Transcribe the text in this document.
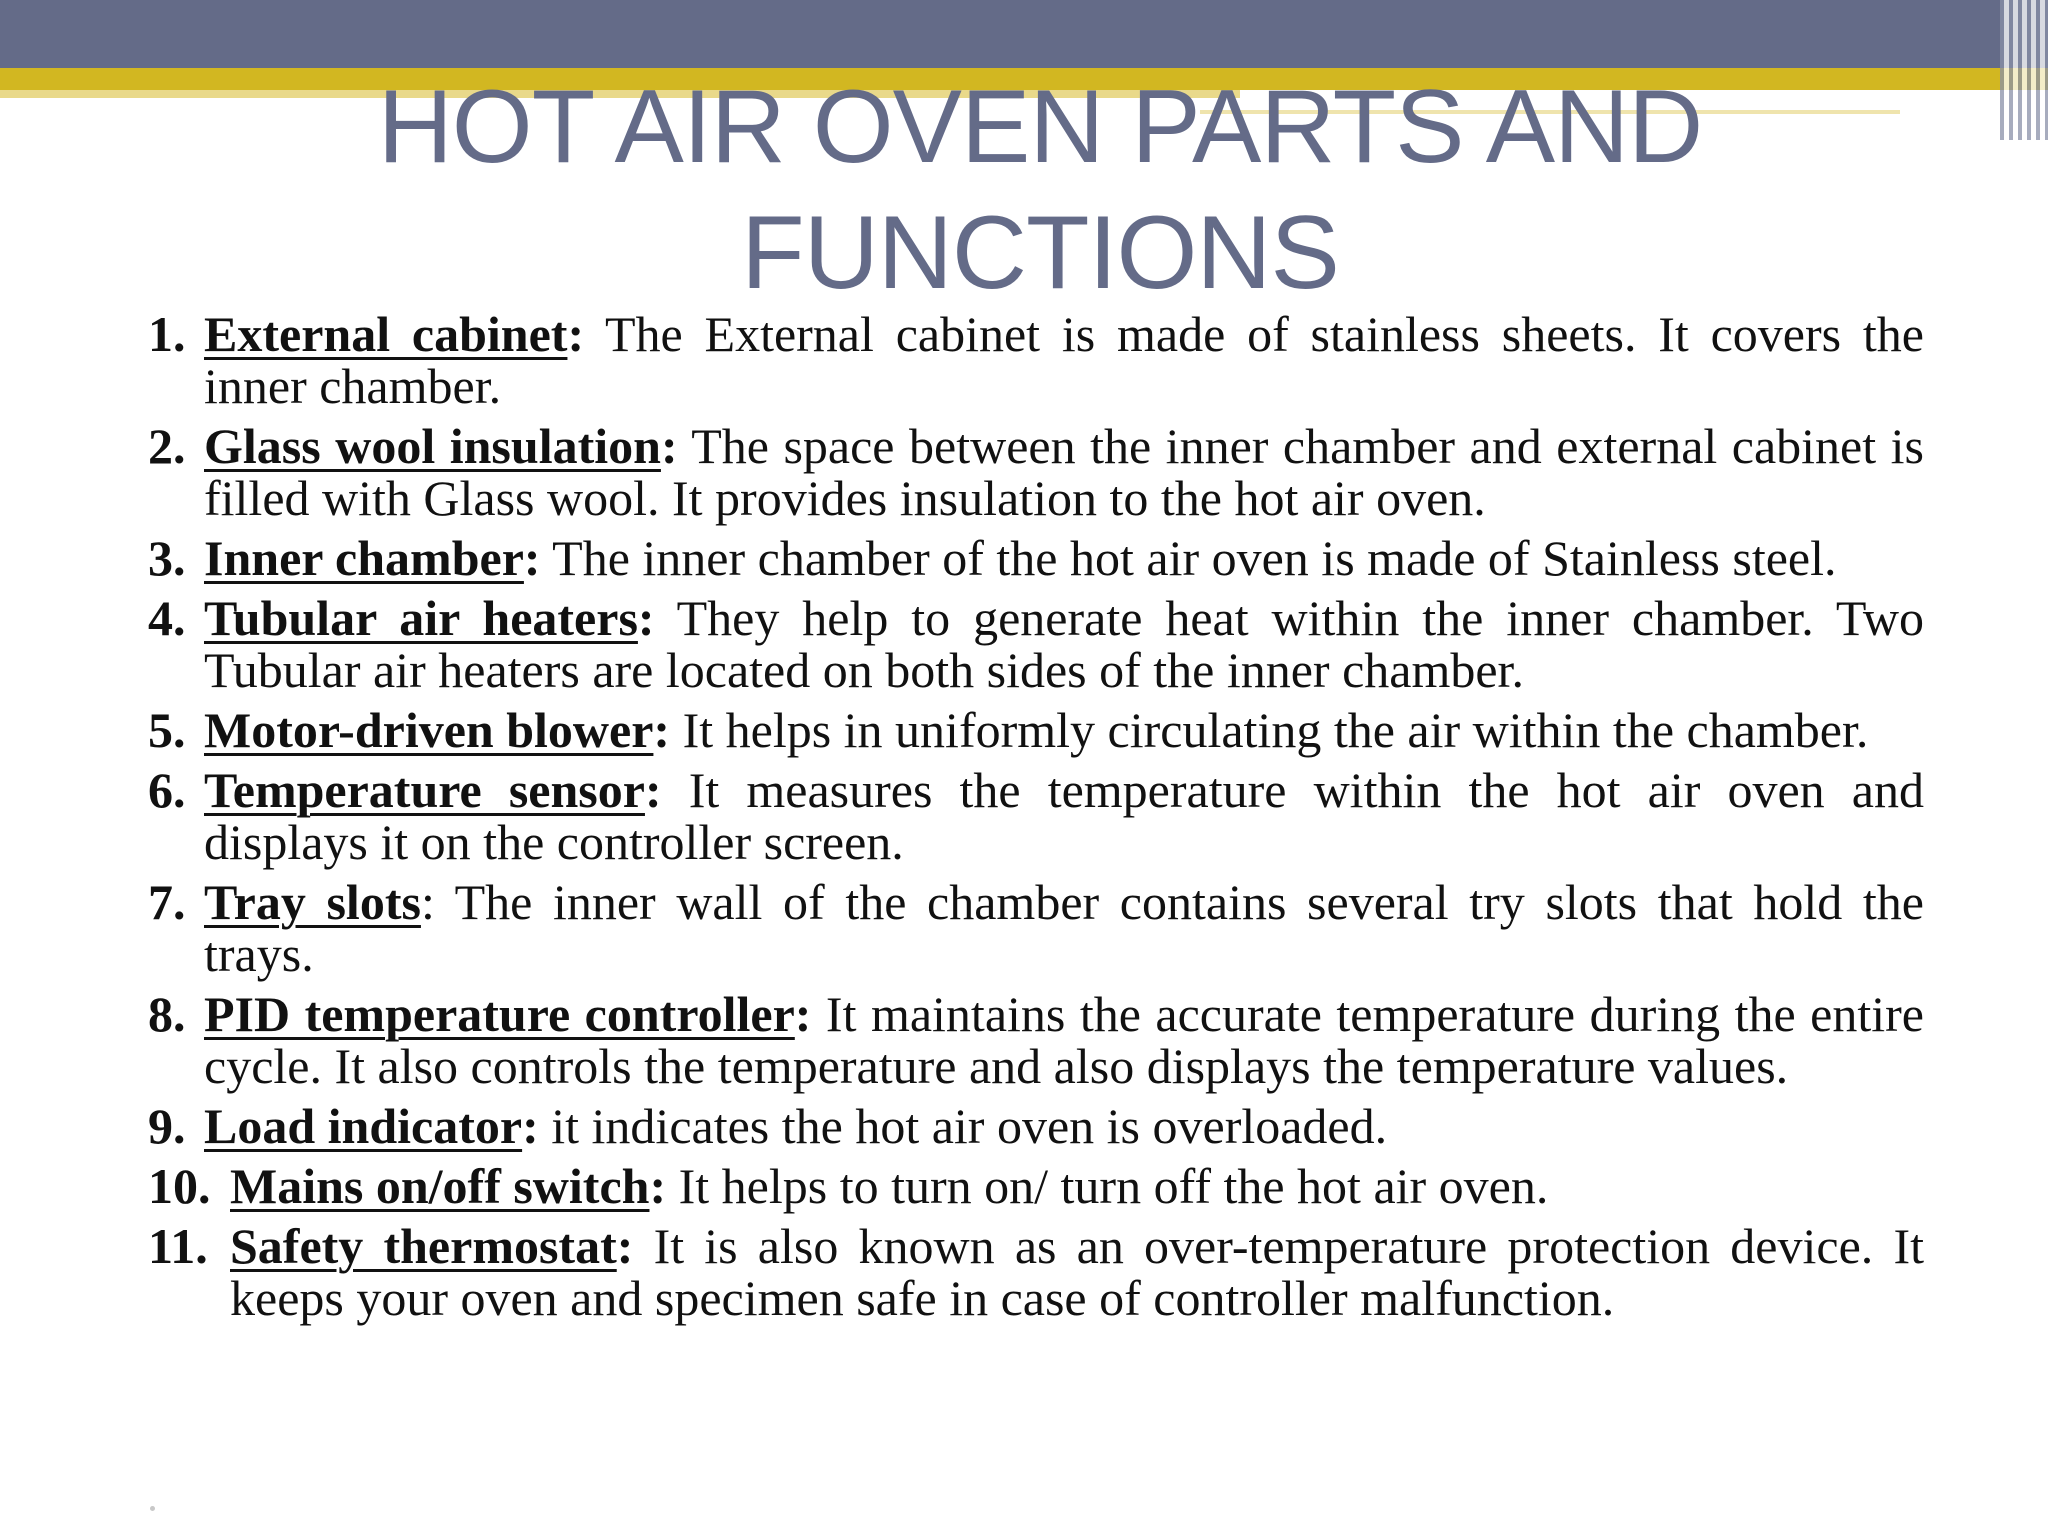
HOT AIR OVEN PARTS AND
FUNCTIONS
1. External cabinet: The External cabinet is made of stainless sheets. It covers the inner chamber.
2. Glass wool insulation: The space between the inner chamber and external cabinet is filled with Glass wool. It provides insulation to the hot air oven.
3. Inner chamber: The inner chamber of the hot air oven is made of Stainless steel.
4. Tubular air heaters: They help to generate heat within the inner chamber. Two Tubular air heaters are located on both sides of the inner chamber.
5. Motor-driven blower: It helps in uniformly circulating the air within the chamber.
6. Temperature sensor: It measures the temperature within the hot air oven and displays it on the controller screen.
7. Tray slots: The inner wall of the chamber contains several try slots that hold the trays.
8. PID temperature controller: It maintains the accurate temperature during the entire cycle. It also controls the temperature and also displays the temperature values.
9. Load indicator: it indicates the hot air oven is overloaded.
10. Mains on/off switch: It helps to turn on/ turn off the hot air oven.
11. Safety thermostat: It is also known as an over-temperature protection device. It keeps your oven and specimen safe in case of controller malfunction.
